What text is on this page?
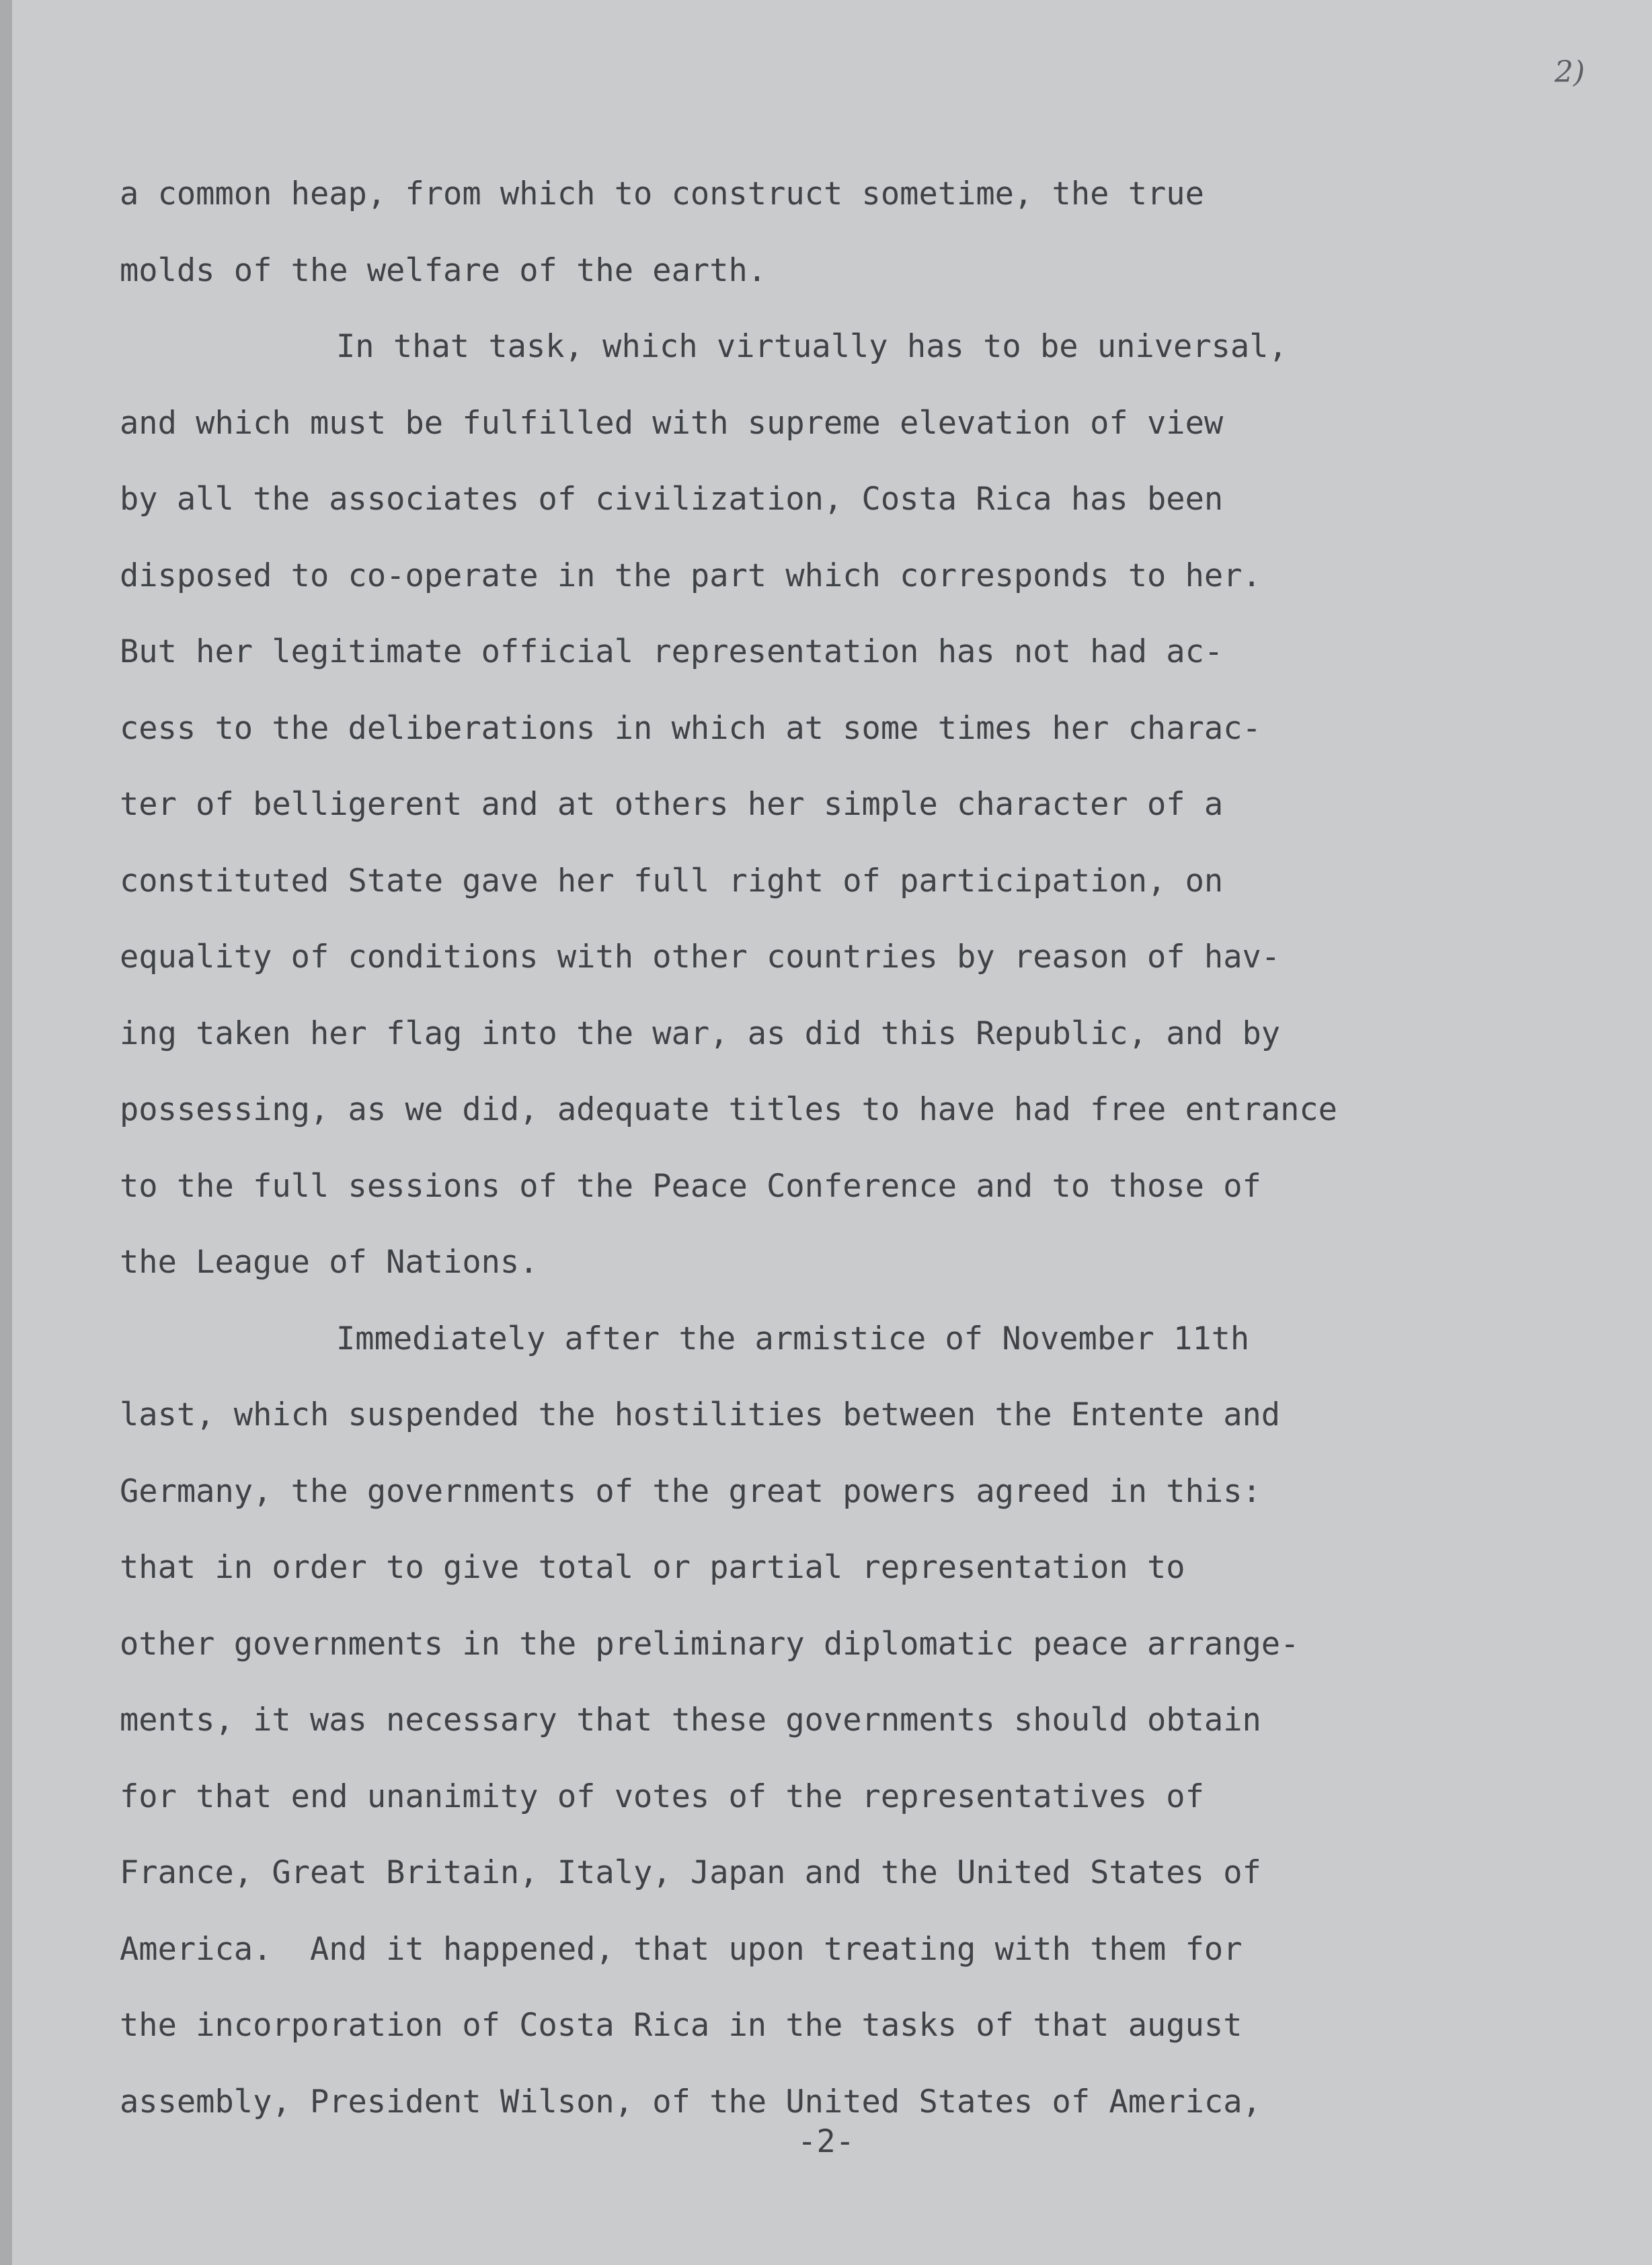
2)
a common heap, from which to construct sometime, the true
molds of the welfare of the earth.
In that task, which virtually has to be universal,
and which must be fulfilled with supreme elevation of view
by all the associates of civilization, Costa Rica has been
disposed to co-operate in the part which corresponds to her.
But her legitimate official representation has not had ac-
cess to the deliberations in which at some times her charac-
ter of belligerent and at others her simple character of a
constituted State gave her full right of participation, on
equality of conditions with other countries by reason of hav-
ing taken her flag into the war, as did this Republic, and by
possessing, as we did, adequate titles to have had free entrance
to the full sessions of the Peace Conference and to those of
the League of Nations.
Immediately after the armistice of November 11th
last, which suspended the hostilities between the Entente and
Germany, the governments of the great powers agreed in this:
that in order to give total or partial representation to
other governments in the preliminary diplomatic peace arrange-
ments, it was necessary that these governments should obtain
for that end unanimity of votes of the representatives of
France, Great Britain, Italy, Japan and the United States of
America.  And it happened, that upon treating with them for
the incorporation of Costa Rica in the tasks of that august
assembly, President Wilson, of the United States of America,
-2-
